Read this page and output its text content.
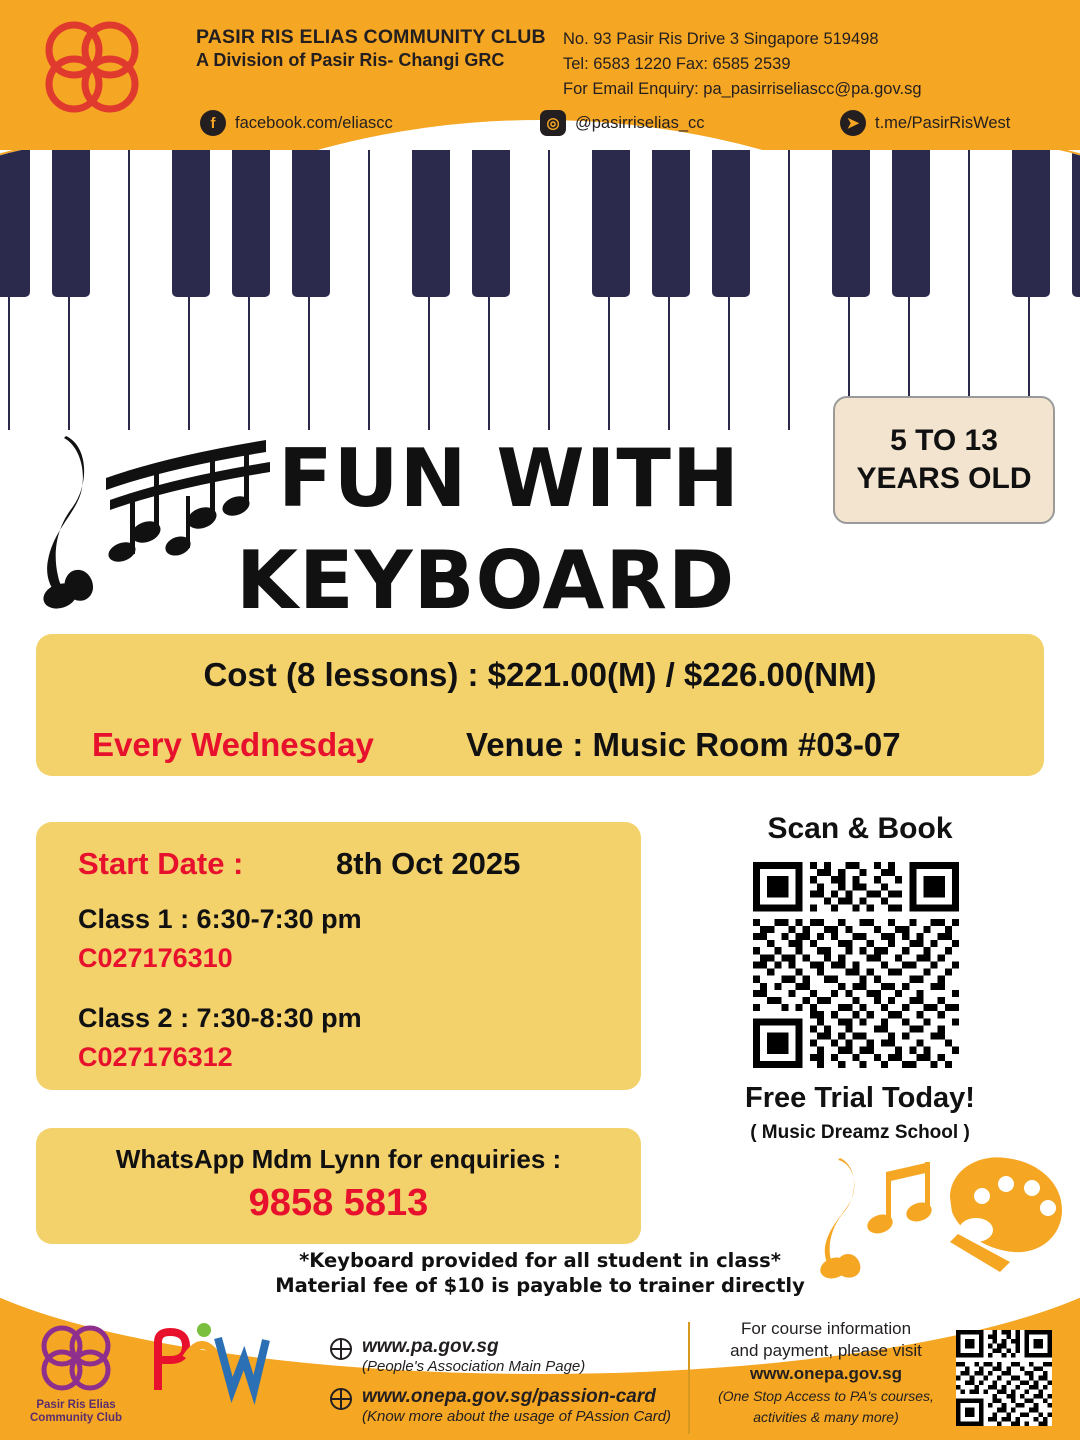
PASIR RIS ELIAS COMMUNITY CLUB
A Division of Pasir Ris- Changi GRC
No. 93 Pasir Ris Drive 3 Singapore 519498
Tel: 6583 1220 Fax: 6585 2539
For Email Enquiry: pa_pasirriseliascc@pa.gov.sg
f	facebook.com/eliascc	◎ @pasirriselias_cc	➤ t.me/PasirRisWest
FUN WITH
KEYBOARD
5 TO 13
YEARS OLD
Cost (8 lessons) : $221.00(M) / $226.00(NM)
Every Wednesday	Venue : Music Room #03-07
Start Date :	8th Oct 2025
Class 1 : 6:30-7:30 pm
C027176310
Class 2 : 7:30-8:30 pm
C027176312
WhatsApp Mdm Lynn for enquiries :
9858 5813
Scan & Book
Free Trial Today!
( Music Dreamz School )
*Keyboard provided for all student in class*
Material fee of $10 is payable to trainer directly
Pasir Ris Elias
Community Club
www.pa.gov.sg
(People's Association Main Page)
www.onepa.gov.sg/passion-card
(Know more about the usage of PAssion Card)
For course information
and payment, please visit
www.onepa.gov.sg
(One Stop Access to PA's courses,
activities & many more)
